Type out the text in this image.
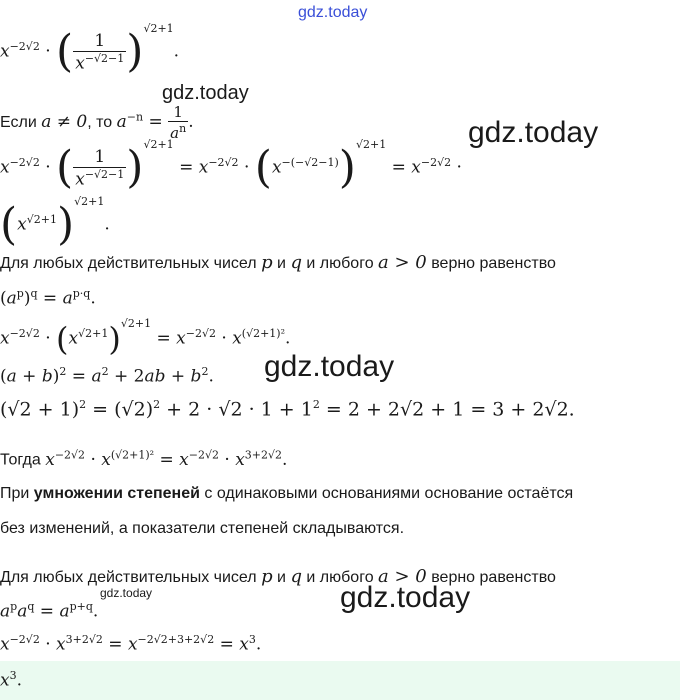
gdz.today
$x^{-2√2}$ · ( $\frac{1}{x^{-√2-1}} )^{√2+1}$.
gdz.today
Если a ≠ 0, то $a^{-n} = \frac{1}{a^n}$ .	gdz.today
$x^{-2√2}$ · ( $\frac{1}{x^{-√2-1}} )^{√2+1} = x^{-2√2} \cdot (x^{-(-√2-1)})^{√2+1} = x^{-2√2}$ ·
$(x^{√2+1})^{√2+1}$.
Для любых действительных чисел p и q и любого a > 0 верно равенство
$(a^p)^q = a^{p\cdot q}$.
$x^{-2√2} \cdot (x^{√2+1})^{√2+1} = x^{-2√2} \cdot x^{(√2+1)^2}$.
gdz.today
$(a + b)^2 = a^2 + 2ab + b^2$.
$(√2 + 1)^2 = (√2)^2 + 2 \cdot √2 \cdot 1 + 1^2 = 2 + 2√2 + 1 = 3 + 2√2$.
Тогда $x^{-2√2} \cdot x^{(√2+1)^2} = x^{-2√2} \cdot x^{3+2√2}$.
При умножении степеней с одинаковыми основаниями основание остаётся
без изменений, а показатели степеней складываются.
Для любых действительных чисел p и q и любого a > 0 верно равенство
gdz.today	gdz.today
$a^pa^q = a^{p+q}$.
$x^{-2√2} \cdot x^{3+2√2} = x^{-2√2+3+2√2} = x^3$.
$x^3$.
